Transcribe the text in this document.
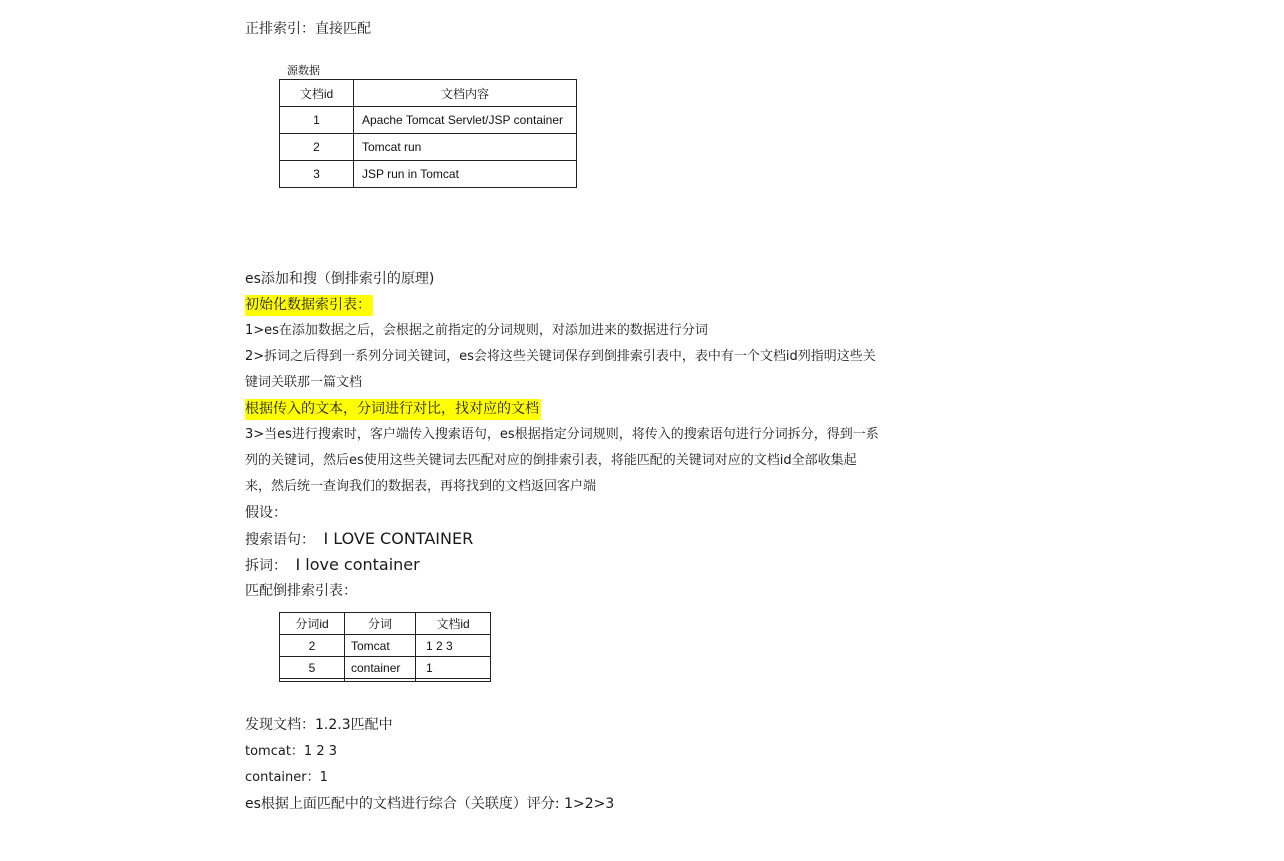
正排索引：直接匹配
源数据
文档id	文档内容
1	Apache Tomcat Servlet/JSP container
2	Tomcat run
3	JSP run in Tomcat
es添加和搜（倒排索引的原理)
初始化数据索引表：
1>es在添加数据之后，会根据之前指定的分词规则，对添加进来的数据进行分词
2>拆词之后得到一系列分词关键词，es会将这些关键词保存到倒排索引表中，表中有一个文档id列指明这些关
键词关联那一篇文档
根据传入的文本，分词进行对比，找对应的文档
3>当es进行搜索时，客户端传入搜索语句，es根据指定分词规则，将传入的搜索语句进行分词拆分，得到一系
列的关键词，然后es使用这些关键词去匹配对应的倒排索引表，将能匹配的关键词对应的文档id全部收集起
来，然后统一查询我们的数据表，再将找到的文档返回客户端
假设：
搜索语句： I LOVE CONTAINER
拆词： I love container
匹配倒排索引表：
分词id	分词	文档id
2	Tomcat	1 2 3
5	container	1

发现文档：1.2.3匹配中
tomcat：1 2 3
container：1
es根据上面匹配中的文档进行综合（关联度）评分: 1>2>3
